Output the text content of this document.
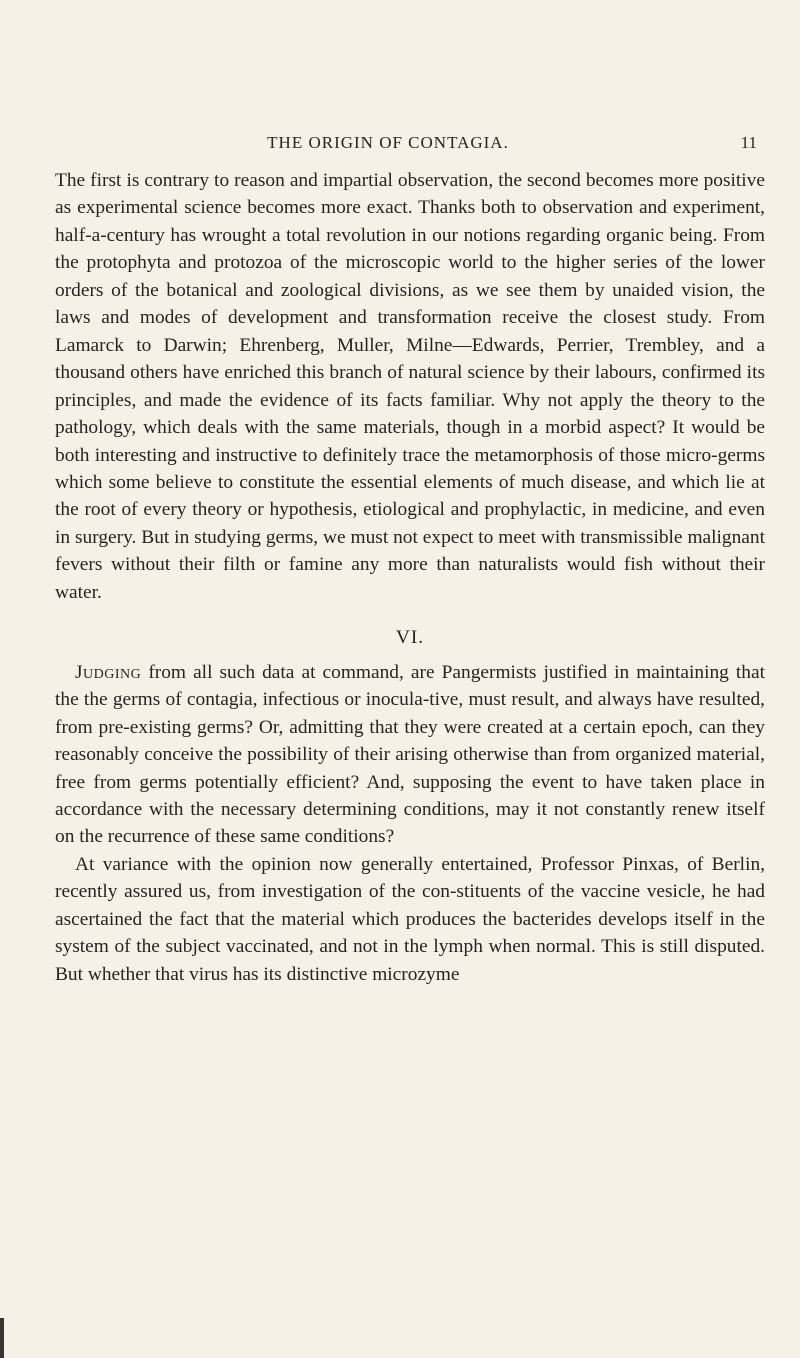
THE ORIGIN OF CONTAGIA.	11

The first is contrary to reason and impartial observation, the second becomes more positive as experimental science becomes more exact. Thanks both to observation and experiment, half-a-century has wrought a total revolution in our notions regarding organic being. From the protophyta and protozoa of the microscopic world to the higher series of the lower orders of the botanical and zoological divisions, as we see them by unaided vision, the laws and modes of development and transformation receive the closest study. From Lamarck to Darwin; Ehrenberg, Muller, Milne—Edwards, Perrier, Trembley, and a thousand others have enriched this branch of natural science by their labours, confirmed its principles, and made the evidence of its facts familiar. Why not apply the theory to the pathology, which deals with the same materials, though in a morbid aspect? It would be both interesting and instructive to definitely trace the metamorphosis of those micro-germs which some believe to constitute the essential elements of much disease, and which lie at the root of every theory or hypothesis, etiological and prophylactic, in medicine, and even in surgery. But in studying germs, we must not expect to meet with transmissible malignant fevers without their filth or famine any more than naturalists would fish without their water.

VI.

Judging from all such data at command, are Pangermists justified in maintaining that the the germs of contagia, infectious or inocula-tive, must result, and always have resulted, from pre-existing germs? Or, admitting that they were created at a certain epoch, can they reasonably conceive the possibility of their arising otherwise than from organized material, free from germs potentially efficient? And, supposing the event to have taken place in accordance with the necessary determining conditions, may it not constantly renew itself on the recurrence of these same conditions?

At variance with the opinion now generally entertained, Professor Pinxas, of Berlin, recently assured us, from investigation of the con-stituents of the vaccine vesicle, he had ascertained the fact that the material which produces the bacterides develops itself in the system of the subject vaccinated, and not in the lymph when normal. This is still disputed. But whether that virus has its distinctive microzyme
